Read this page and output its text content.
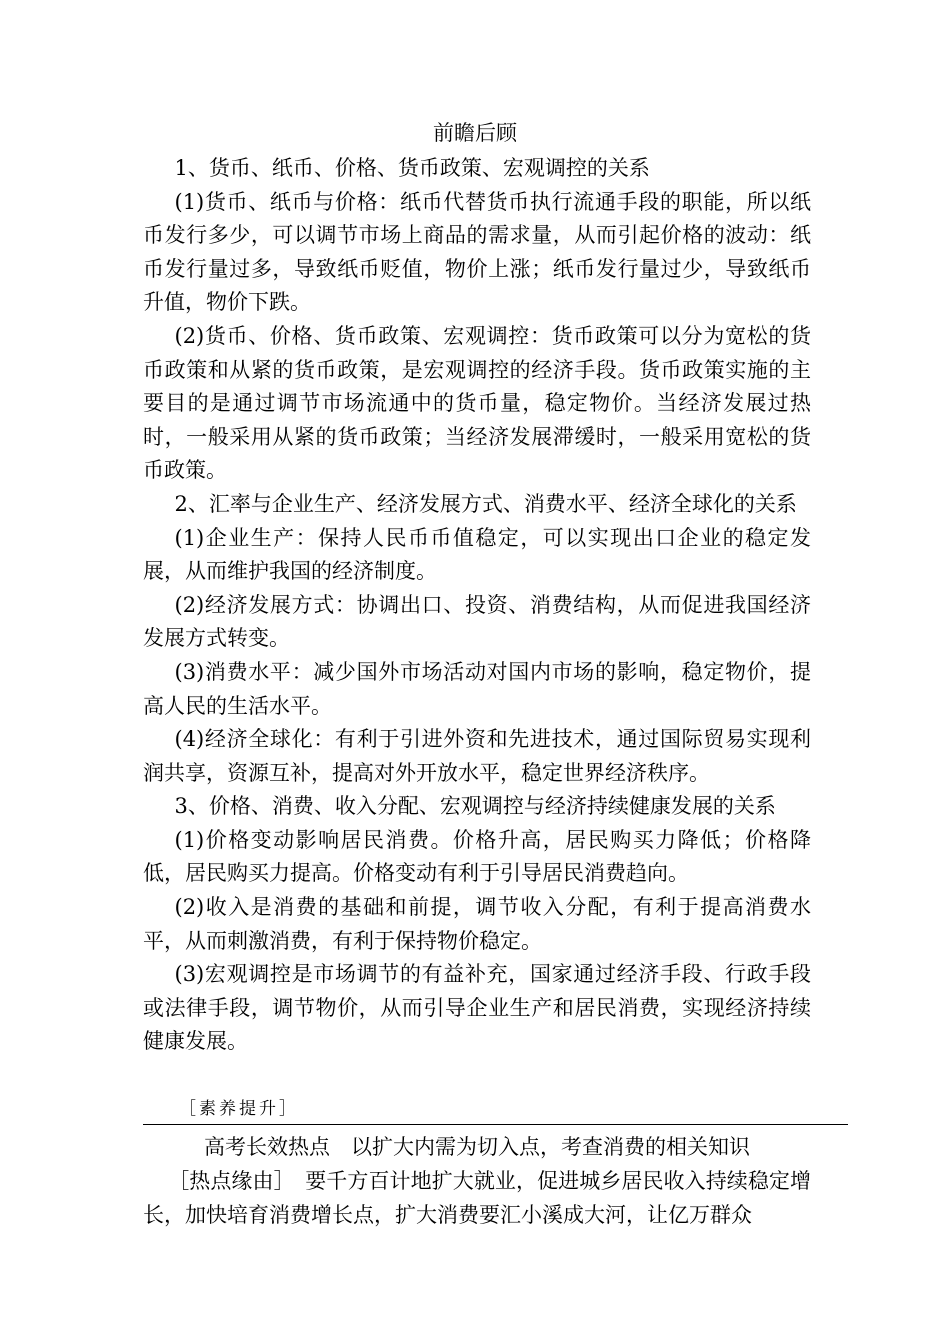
前瞻后顾

1、货币、纸币、价格、货币政策、宏观调控的关系

(1)货币、纸币与价格：纸币代替货币执行流通手段的职能，所以纸币发行多少，可以调节市场上商品的需求量，从而引起价格的波动：纸币发行量过多，导致纸币贬值，物价上涨；纸币发行量过少，导致纸币升值，物价下跌。

(2)货币、价格、货币政策、宏观调控：货币政策可以分为宽松的货币政策和从紧的货币政策，是宏观调控的经济手段。货币政策实施的主要目的是通过调节市场流通中的货币量，稳定物价。当经济发展过热时，一般采用从紧的货币政策；当经济发展滞缓时，一般采用宽松的货币政策。

2、汇率与企业生产、经济发展方式、消费水平、经济全球化的关系

(1)企业生产：保持人民币币值稳定，可以实现出口企业的稳定发展，从而维护我国的经济制度。

(2)经济发展方式：协调出口、投资、消费结构，从而促进我国经济发展方式转变。

(3)消费水平：减少国外市场活动对国内市场的影响，稳定物价，提高人民的生活水平。

(4)经济全球化：有利于引进外资和先进技术，通过国际贸易实现利润共享，资源互补，提高对外开放水平，稳定世界经济秩序。

3、价格、消费、收入分配、宏观调控与经济持续健康发展的关系

(1)价格变动影响居民消费。价格升高，居民购买力降低；价格降低，居民购买力提高。价格变动有利于引导居民消费趋向。

(2)收入是消费的基础和前提，调节收入分配，有利于提高消费水平，从而刺激消费，有利于保持物价稳定。

(3)宏观调控是市场调节的有益补充，国家通过经济手段、行政手段或法律手段，调节物价，从而引导企业生产和居民消费，实现经济持续健康发展。

［素养提升］

高考长效热点　以扩大内需为切入点，考查消费的相关知识

［热点缘由］　要千方百计地扩大就业，促进城乡居民收入持续稳定增长，加快培育消费增长点，扩大消费要汇小溪成大河，让亿万群众
